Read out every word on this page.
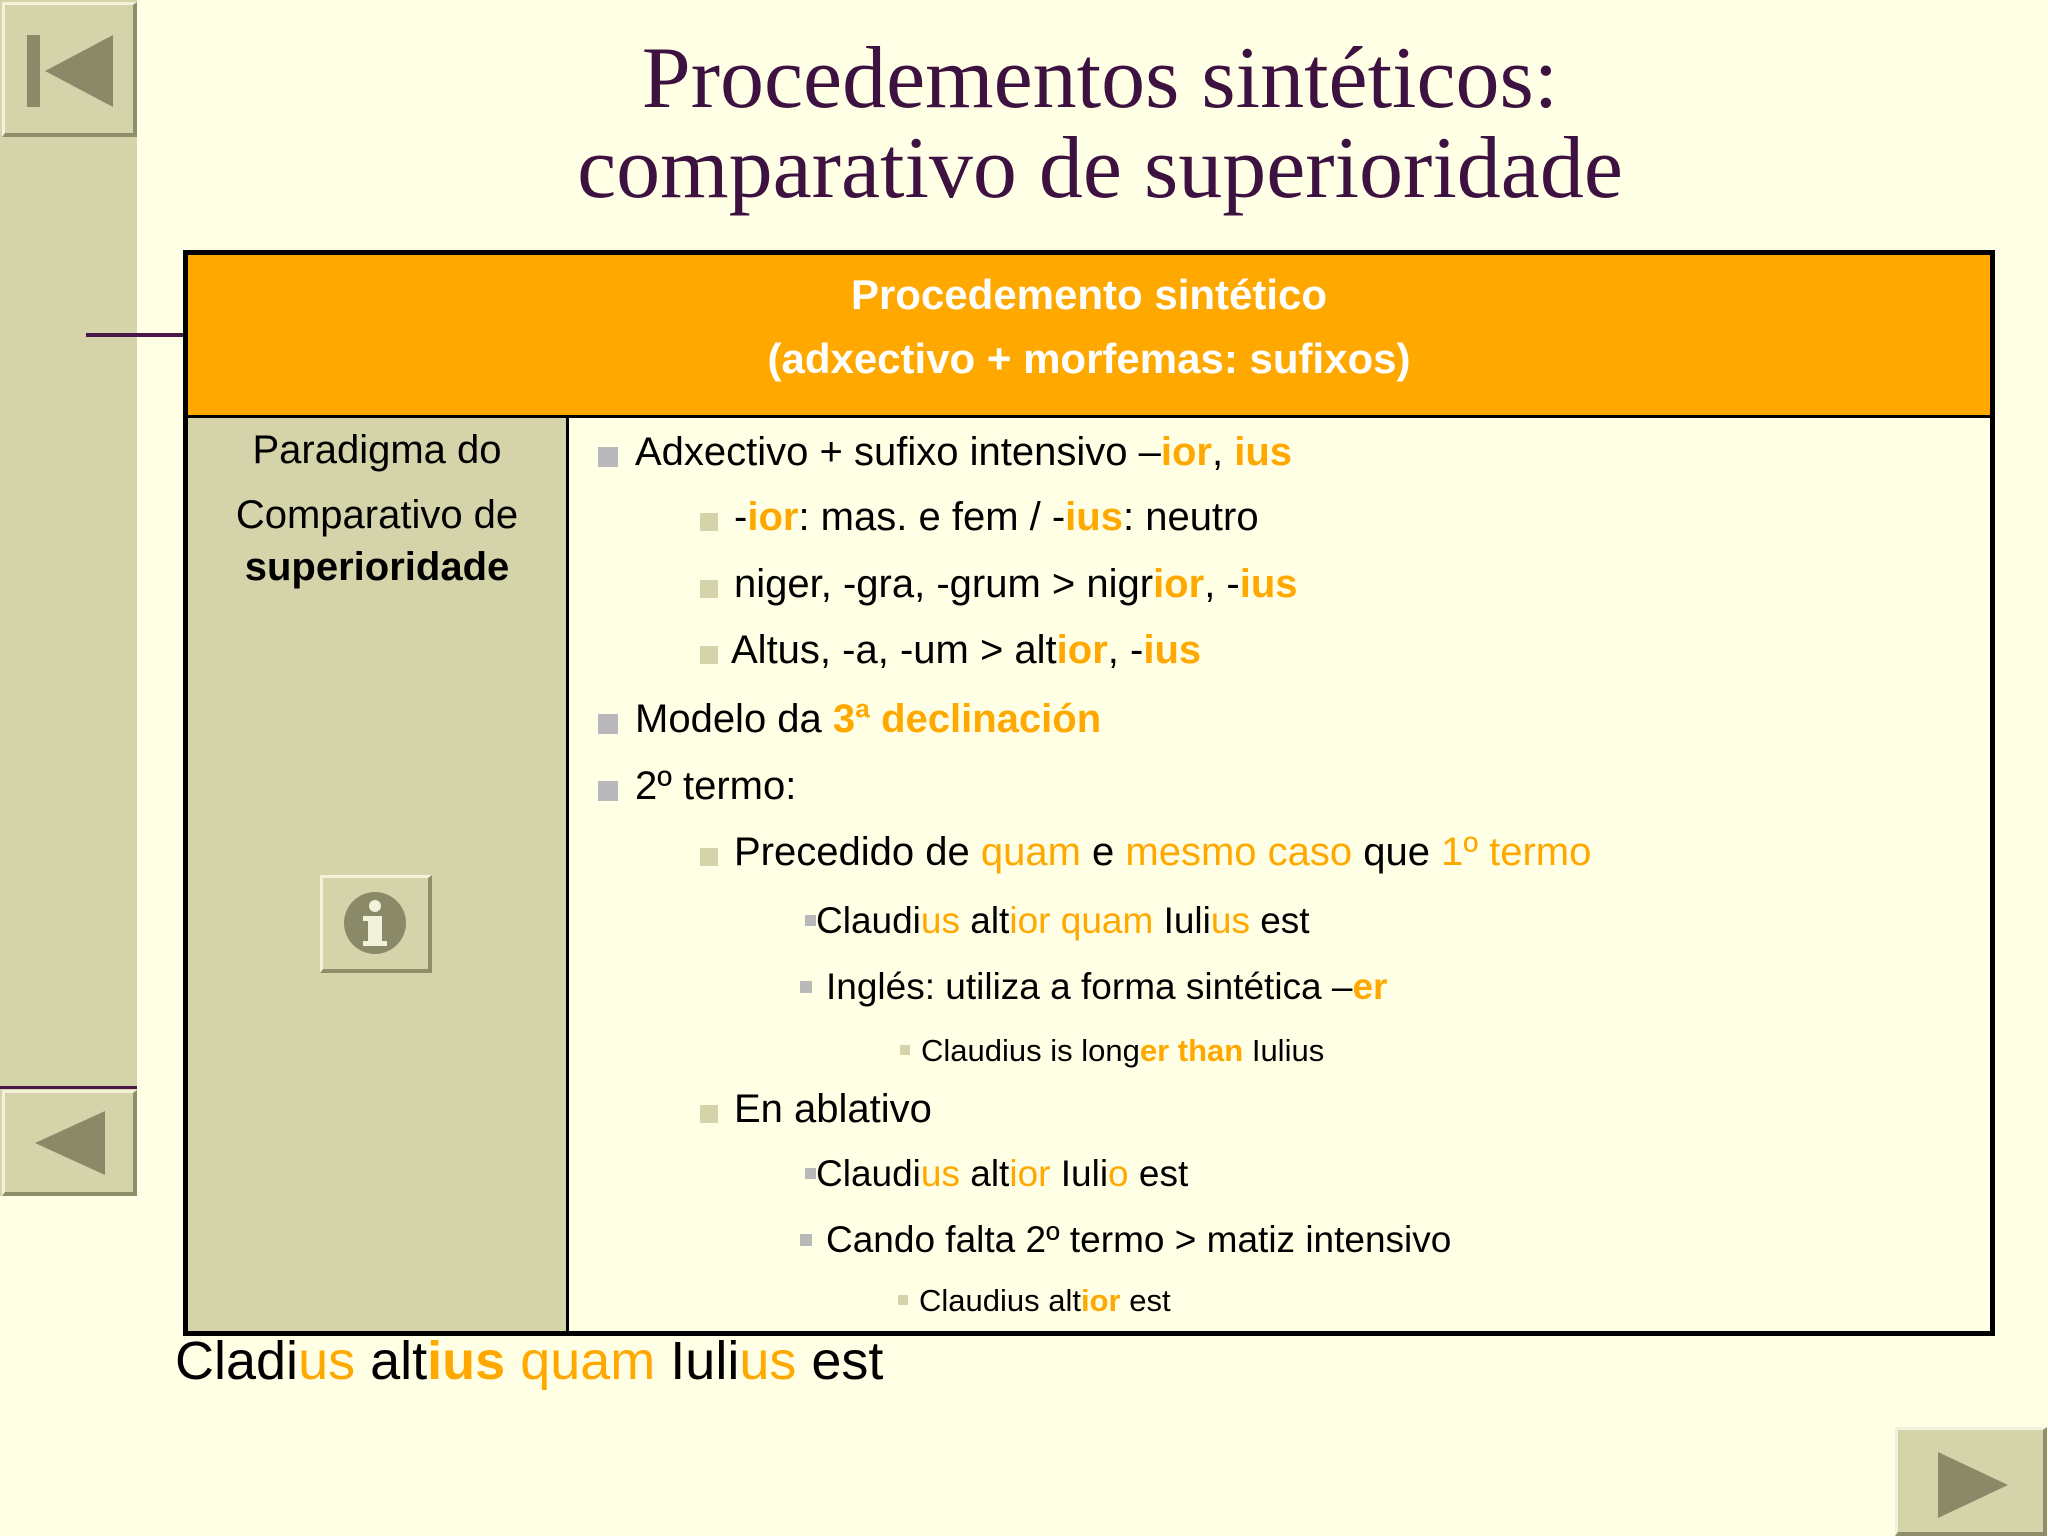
Procedementos sintéticos:
comparativo de superioridade
Procedemento sintético
(adxectivo + morfemas: sufixos)
Paradigma do
Comparativo de
superioridade
Adxectivo + sufixo intensivo –ior, ius
-ior: mas. e fem / -ius: neutro
niger, -gra, -grum > nigrior, -ius
Altus, -a, -um > altior, -ius
Modelo da 3ª declinación
2º termo:
Precedido de quam e mesmo caso que 1º termo
Claudius altior quam Iulius est
Inglés: utiliza a forma sintética –er
Claudius is longer than Iulius
En ablativo
Claudius altior Iulio est
Cando falta 2º termo > matiz intensivo
Claudius altior est
Cladius altius quam Iulius est
